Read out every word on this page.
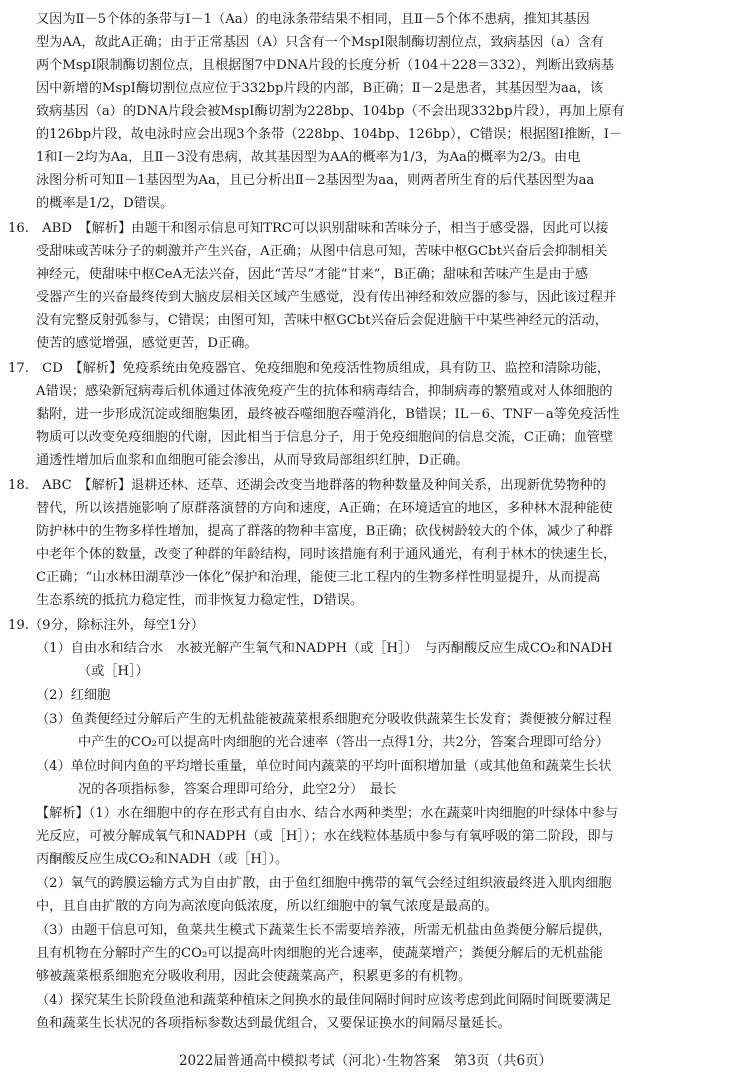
又因为Ⅱ－5个体的条带与Ⅰ－1（Aa）的电泳条带结果不相同，且Ⅱ－5个体不患病，推知其基因
型为AA，故此A正确；由于正常基因（A）只含有一个MspⅠ限制酶切割位点，致病基因（a）含有
两个MspⅠ限制酶切割位点，且根据图7中DNA片段的长度分析（104＋228＝332），判断出致病基
因中新增的MspⅠ酶切割位点应位于332bp片段的内部，B正确；Ⅱ－2是患者，其基因型为aa，该
致病基因（a）的DNA片段会被MspⅠ酶切割为228bp、104bp（不会出现332bp片段），再加上原有
的126bp片段，故电泳时应会出现3个条带（228bp、104bp、126bp），C错误；根据图Ⅰ推断，Ⅰ－
1和Ⅰ－2均为Aa，且Ⅱ－3没有患病，故其基因型为AA的概率为1/3，为Aa的概率为2/3。由电
泳图分析可知Ⅱ－1基因型为Aa，且已分析出Ⅱ－2基因型为aa，则两者所生育的后代基因型为aa
的概率是1/2，D错误。
16.　ABD　【解析】由题干和图示信息可知TRC可以识别甜味和苦味分子，相当于感受器，因此可以接
受甜味或苦味分子的刺激并产生兴奋，A正确；从图中信息可知，苦味中枢GCbt兴奋后会抑制相关
神经元，使甜味中枢CeA无法兴奋，因此“苦尽”才能“甘来”，B正确；甜味和苦味产生是由于感
受器产生的兴奋最终传到大脑皮层相关区域产生感觉，没有传出神经和效应器的参与，因此该过程并
没有完整反射弧参与，C错误；由图可知，苦味中枢GCbt兴奋后会促进脑干中某些神经元的活动，
使苦的感觉增强，感觉更苦，D正确。
17.　CD　【解析】免疫系统由免疫器官、免疫细胞和免疫活性物质组成，具有防卫、监控和清除功能，
A错误；感染新冠病毒后机体通过体液免疫产生的抗体和病毒结合，抑制病毒的繁殖或对人体细胞的
黏附，进一步形成沉淀或细胞集团，最终被吞噬细胞吞噬消化，B错误；IL－6、TNF－a等免疫活性
物质可以改变免疫细胞的代谢，因此相当于信息分子，用于免疫细胞间的信息交流，C正确；血管壁
通透性增加后血浆和血细胞可能会渗出，从而导致局部组织红肿，D正确。
18.　ABC　【解析】退耕还林、还草、还湖会改变当地群落的物种数量及种间关系，出现新优势物种的
替代，所以该措施影响了原群落演替的方向和速度，A正确；在环境适宜的地区，多种林木混种能使
防护林中的生物多样性增加，提高了群落的物种丰富度，B正确；砍伐树龄较大的个体，减少了种群
中老年个体的数量，改变了种群的年龄结构，同时该措施有利于通风通光，有利于林木的快速生长，
C正确；“山水林田湖草沙一体化”保护和治理，能使三北工程内的生物多样性明显提升，从而提高
生态系统的抵抗力稳定性，而非恢复力稳定性，D错误。
19.（9分，除标注外，每空1分）
（1）自由水和结合水　水被光解产生氧气和NADPH（或［H］）　与丙酮酸反应生成CO₂和NADH
（或［H］）
（2）红细胞
（3）鱼粪便经过分解后产生的无机盐能被蔬菜根系细胞充分吸收供蔬菜生长发育；粪便被分解过程
中产生的CO₂可以提高叶肉细胞的光合速率（答出一点得1分，共2分，答案合理即可给分）
（4）单位时间内鱼的平均增长重量，单位时间内蔬菜的平均叶面积增加量（或其他鱼和蔬菜生长状
况的各项指标参，答案合理即可给分，此空2分）　最长
【解析】（1）水在细胞中的存在形式有自由水、结合水两种类型；水在蔬菜叶肉细胞的叶绿体中参与
光反应，可被分解成氧气和NADPH（或［H］）；水在线粒体基质中参与有氧呼吸的第二阶段，即与
丙酮酸反应生成CO₂和NADH（或［H］）。
（2）氧气的跨膜运输方式为自由扩散，由于鱼红细胞中携带的氧气会经过组织液最终进入肌肉细胞
中，且自由扩散的方向为高浓度向低浓度，所以红细胞中的氧气浓度是最高的。
（3）由题干信息可知，鱼菜共生模式下蔬菜生长不需要培养液，所需无机盐由鱼粪便分解后提供，
且有机物在分解时产生的CO₂可以提高叶肉细胞的光合速率，使蔬菜增产；粪便分解后的无机盐能
够被蔬菜根系细胞充分吸收利用，因此会使蔬菜高产，积累更多的有机物。
（4）探究某生长阶段鱼池和蔬菜种植床之间换水的最佳间隔时间时应该考虑到此间隔时间既要满足
鱼和蔬菜生长状况的各项指标参数达到最优组合，又要保证换水的间隔尽量延长。
2022届普通高中模拟考试（河北）·生物答案　第3页（共6页）
